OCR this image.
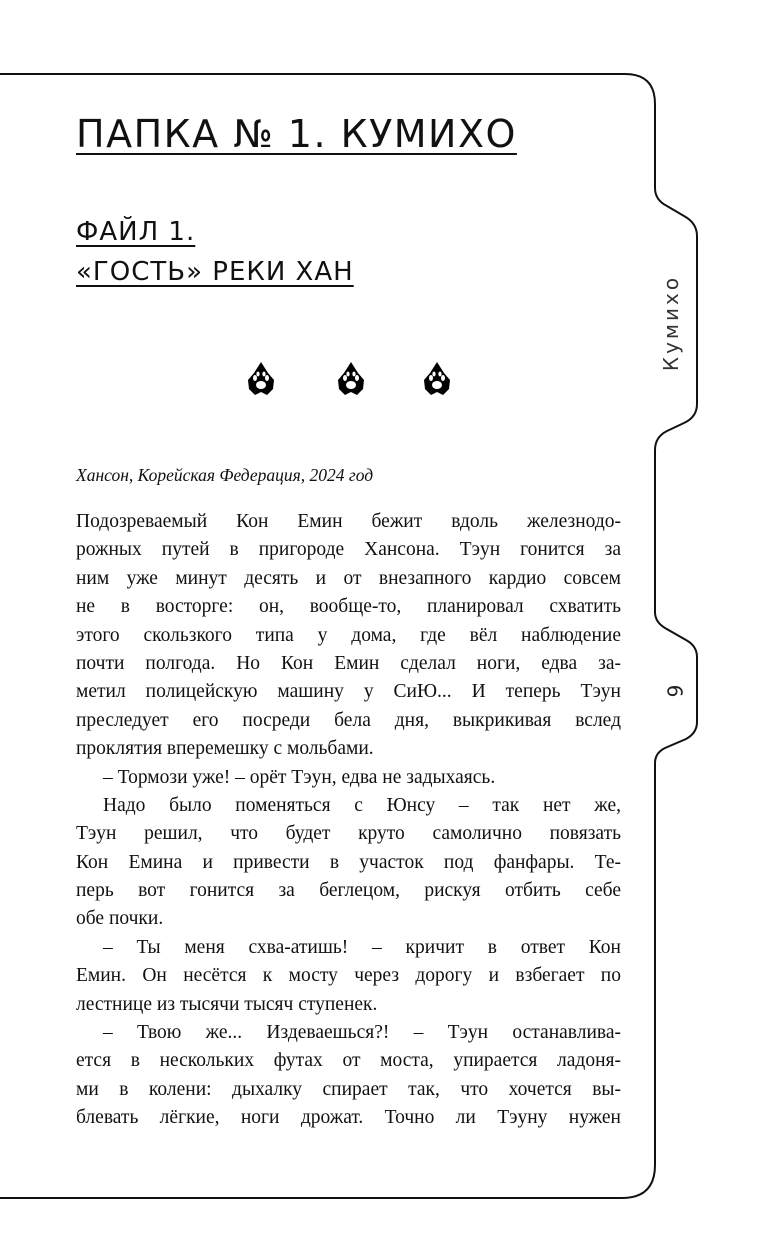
ПАПКА № 1. КУМИХО
ФАЙЛ 1.
«ГОСТЬ» РЕКИ ХАН
Кумихо
9

Хансон, Корейская Федерация, 2024 год

Подозреваемый Кон Емин бежит вдоль железнодо-
рожных путей в пригороде Хансона. Тэун гонится за
ним уже минут десять и от внезапного кардио совсем
не в восторге: он, вообще-то, планировал схватить
этого скользкого типа у дома, где вёл наблюдение
почти полгода. Но Кон Емин сделал ноги, едва за-
метил полицейскую машину у СиЮ... И теперь Тэун
преследует его посреди бела дня, выкрикивая вслед
проклятия вперемешку с мольбами.
– Тормози уже! – орёт Тэун, едва не задыхаясь.
Надо было поменяться с Юнсу – так нет же,
Тэун решил, что будет круто самолично повязать
Кон Емина и привести в участок под фанфары. Те-
перь вот гонится за беглецом, рискуя отбить себе
обе почки.
– Ты меня схва-атишь! – кричит в ответ Кон
Емин. Он несётся к мосту через дорогу и взбегает по
лестнице из тысячи тысяч ступенек.
– Твою же... Издеваешься?! – Тэун останавлива-
ется в нескольких футах от моста, упирается ладоня-
ми в колени: дыхалку спирает так, что хочется вы-
блевать лёгкие, ноги дрожат. Точно ли Тэуну нужен
